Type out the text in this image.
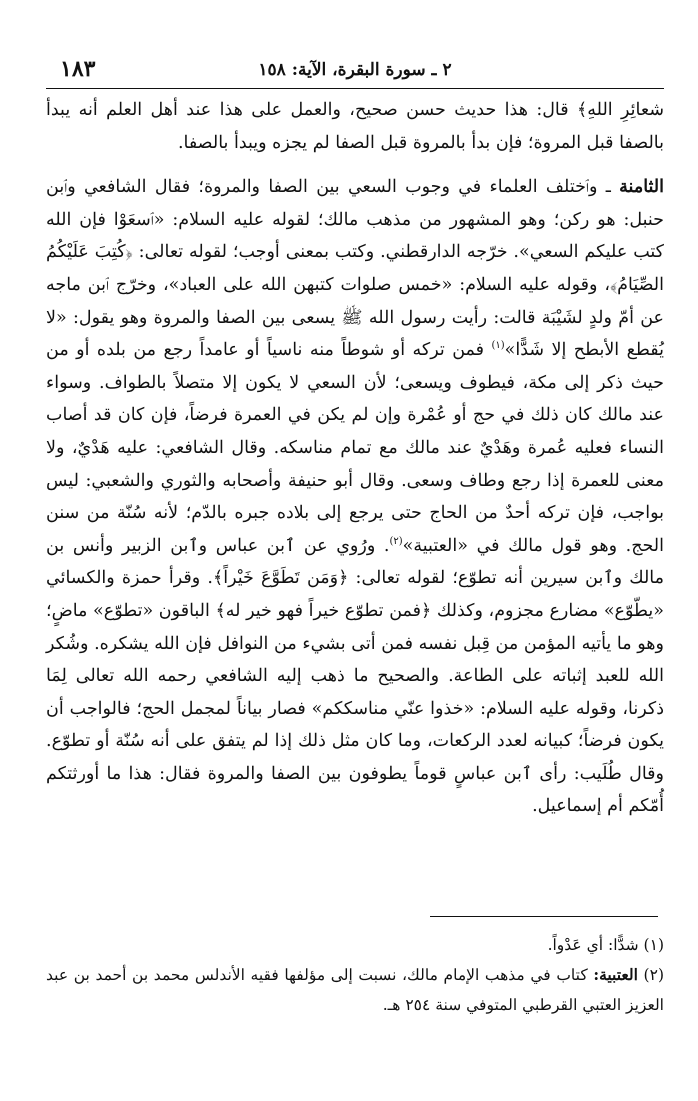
١٨٣	٢ ـ سورة البقرة، الآية: ١٥٨

شعائِرِ اللهِ﴾ قال: هذا حديث حسن صحيح، والعمل على هذا عند أهل العلم أنه يبدأ بالصفا قبل المروة؛ فإن بدأ بالمروة قبل الصفا لم يجزه ويبدأ بالصفا.

الثامنة ـ وٱختلف العلماء في وجوب السعي بين الصفا والمروة؛ فقال الشافعي وٱبن حنبل: هو ركن؛ وهو المشهور من مذهب مالك؛ لقوله عليه السلام: «ٱسعَوْا فإن الله كتب عليكم السعي». خرّجه الدارقطني. وكتب بمعنى أوجب؛ لقوله تعالى: ﴿كُتِبَ عَلَيْكُمُ الصِّيَامُ﴾، وقوله عليه السلام: «خمس صلوات كتبهن الله على العباد»، وخرّج ٱبن ماجه عن أمّ ولدٍ لشَيْبَة قالت: رأيت رسول الله ﷺ يسعى بين الصفا والمروة وهو يقول: «لا يُقطع الأبطح إلا شَدًّا»$^{(١)}$ فمن تركه أو شوطاً منه ناسياً أو عامداً رجع من بلده أو من حيث ذكر إلى مكة، فيطوف ويسعى؛ لأن السعي لا يكون إلا متصلاً بالطواف. وسواء عند مالك كان ذلك في حج أو عُمْرة وإن لم يكن في العمرة فرضاً، فإن كان قد أصاب النساء فعليه عُمرة وهَدْيٌ عند مالك مع تمام مناسكه. وقال الشافعي: عليه هَدْيٌ، ولا معنى للعمرة إذا رجع وطاف وسعى. وقال أبو حنيفة وأصحابه والثوري والشعبي: ليس بواجب، فإن تركه أحدٌ من الحاج حتى يرجع إلى بلاده جبره بالدّم؛ لأنه سُنّة من سنن الحج. وهو قول مالك في «العتبية»$^{(٢)}$. ورُوي عن ٱبن عباس وٱبن الزبير وأنس بن مالك وٱبن سيرين أنه تطوّع؛ لقوله تعالى: ﴿وَمَن تَطَوَّعَ خَيْراً﴾. وقرأ حمزة والكسائي «يطّوّع» مضارع مجزوم، وكذلك ﴿فمن تطوّع خيراً فهو خير له﴾ الباقون «تطوّع» ماضٍ؛ وهو ما يأتيه المؤمن من قِبل نفسه فمن أتى بشيء من النوافل فإن الله يشكره. وشُكر الله للعبد إثباته على الطاعة. والصحيح ما ذهب إليه الشافعي رحمه الله تعالى لِمَا ذكرنا، وقوله عليه السلام: «خذوا عنّي مناسككم» فصار بياناً لمجمل الحج؛ فالواجب أن يكون فرضاً؛ كبيانه لعدد الركعات، وما كان مثل ذلك إذا لم يتفق على أنه سُنّة أو تطوّع. وقال طُلَيب: رأى ٱبن عباسٍ قوماً يطوفون بين الصفا والمروة فقال: هذا ما أورثتكم أُمّكم أم إسماعيل.

(١) شدًّا: أي عَدْواً.

(٢) العتبية: كتاب في مذهب الإمام مالك، نسبت إلى مؤلفها فقيه الأندلس محمد بن أحمد بن عبد العزيز العتبي القرطبي المتوفي سنة ٢٥٤ هـ.
